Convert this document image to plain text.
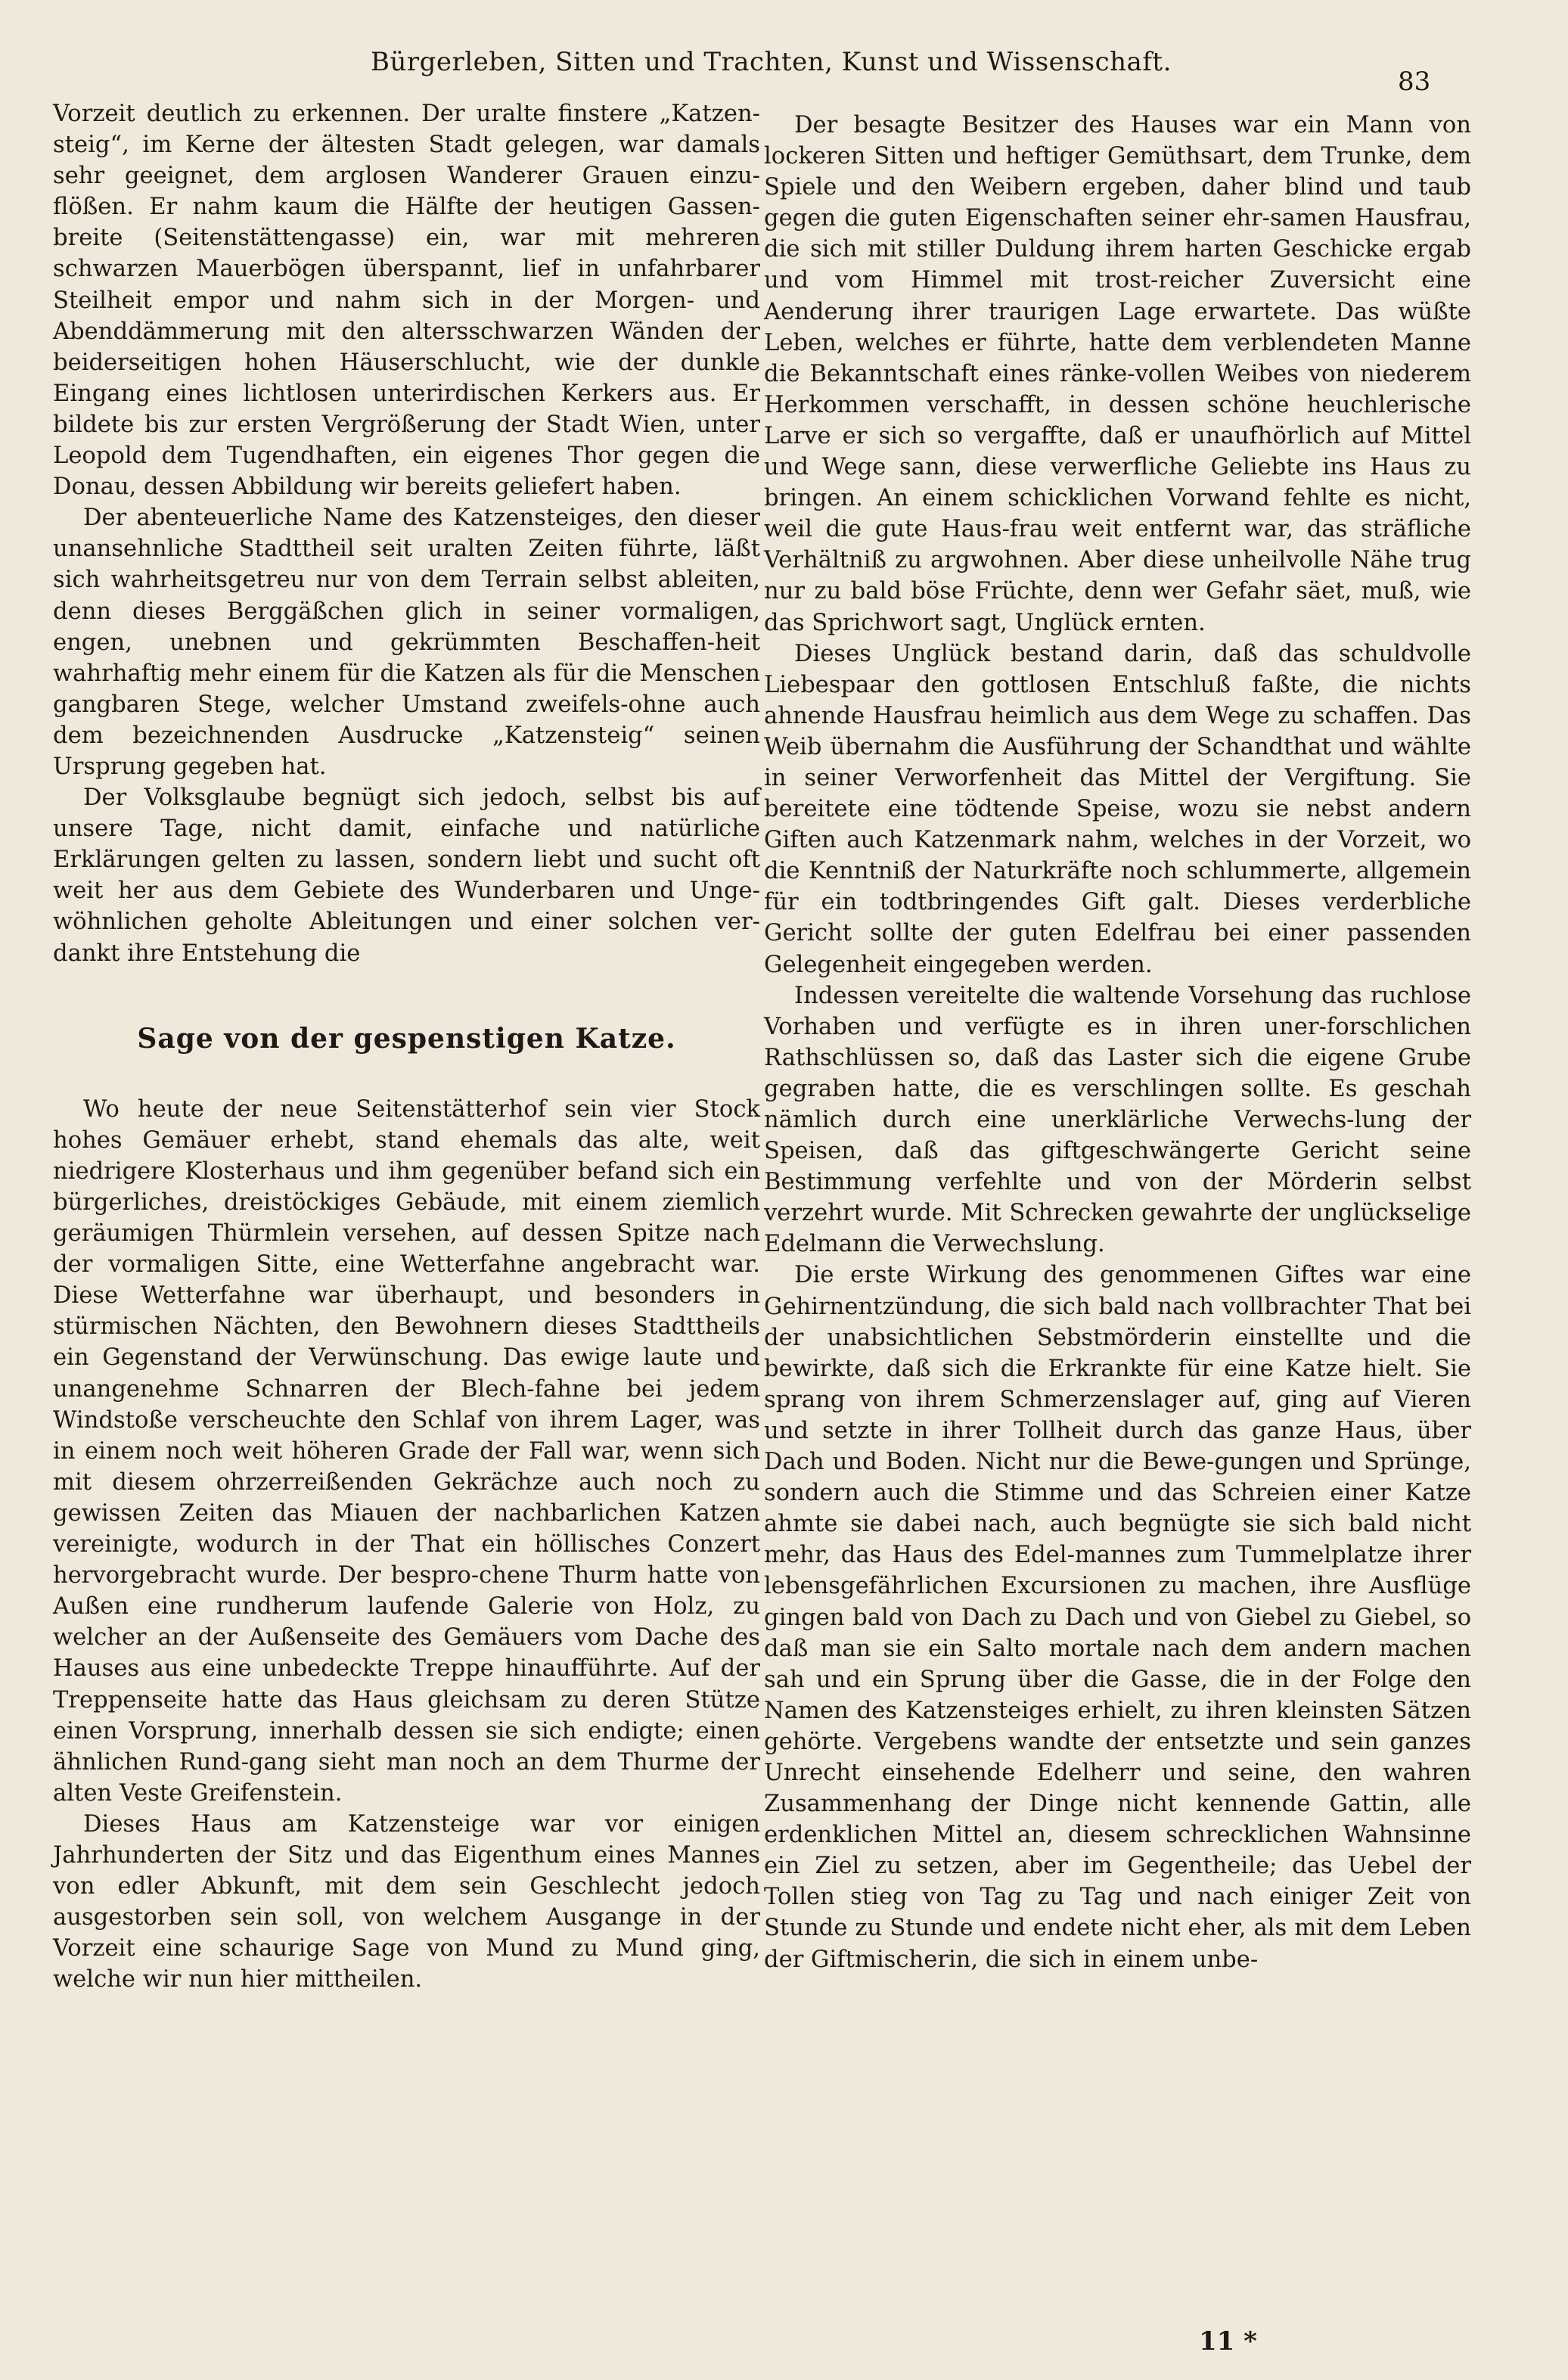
Bürgerleben, Sitten und Trachten, Kunst und Wissenschaft.
83

Vorzeit deutlich zu erkennen. Der uralte finstere „Katzen-steig“, im Kerne der ältesten Stadt gelegen, war damals sehr geeignet, dem arglosen Wanderer Grauen einzu-flößen. Er nahm kaum die Hälfte der heutigen Gassen-breite (Seitenstättengasse) ein, war mit mehreren schwarzen Mauerbögen überspannt, lief in unfahrbarer Steilheit empor und nahm sich in der Morgen- und Abenddämmerung mit den altersschwarzen Wänden der beiderseitigen hohen Häuserschlucht, wie der dunkle Eingang eines lichtlosen unterirdischen Kerkers aus. Er bildete bis zur ersten Vergrößerung der Stadt Wien, unter Leopold dem Tugendhaften, ein eigenes Thor gegen die Donau, dessen Abbildung wir bereits geliefert haben.

Der abenteuerliche Name des Katzensteiges, den dieser unansehnliche Stadttheil seit uralten Zeiten führte, läßt sich wahrheitsgetreu nur von dem Terrain selbst ableiten, denn dieses Berggäßchen glich in seiner vormaligen, engen, unebnen und gekrümmten Beschaffen-heit wahrhaftig mehr einem für die Katzen als für die Menschen gangbaren Stege, welcher Umstand zweifels-ohne auch dem bezeichnenden Ausdrucke „Katzensteig“ seinen Ursprung gegeben hat.

Der Volksglaube begnügt sich jedoch, selbst bis auf unsere Tage, nicht damit, einfache und natürliche Erklärungen gelten zu lassen, sondern liebt und sucht oft weit her aus dem Gebiete des Wunderbaren und Unge-wöhnlichen geholte Ableitungen und einer solchen ver-dankt ihre Entstehung die

Sage von der gespenstigen Katze.

Wo heute der neue Seitenstätterhof sein vier Stock hohes Gemäuer erhebt, stand ehemals das alte, weit niedrigere Klosterhaus und ihm gegenüber befand sich ein bürgerliches, dreistöckiges Gebäude, mit einem ziemlich geräumigen Thürmlein versehen, auf dessen Spitze nach der vormaligen Sitte, eine Wetterfahne angebracht war. Diese Wetterfahne war überhaupt, und besonders in stürmischen Nächten, den Bewohnern dieses Stadttheils ein Gegenstand der Verwünschung. Das ewige laute und unangenehme Schnarren der Blech-fahne bei jedem Windstoße verscheuchte den Schlaf von ihrem Lager, was in einem noch weit höheren Grade der Fall war, wenn sich mit diesem ohrzerreißenden Gekrächze auch noch zu gewissen Zeiten das Miauen der nachbarlichen Katzen vereinigte, wodurch in der That ein höllisches Conzert hervorgebracht wurde. Der bespro-chene Thurm hatte von Außen eine rundherum laufende Galerie von Holz, zu welcher an der Außenseite des Gemäuers vom Dache des Hauses aus eine unbedeckte Treppe hinaufführte. Auf der Treppenseite hatte das Haus gleichsam zu deren Stütze einen Vorsprung, innerhalb dessen sie sich endigte; einen ähnlichen Rund-gang sieht man noch an dem Thurme der alten Veste Greifenstein.

Dieses Haus am Katzensteige war vor einigen Jahrhunderten der Sitz und das Eigenthum eines Mannes von edler Abkunft, mit dem sein Geschlecht jedoch ausgestorben sein soll, von welchem Ausgange in der Vorzeit eine schaurige Sage von Mund zu Mund ging, welche wir nun hier mittheilen.

Der besagte Besitzer des Hauses war ein Mann von lockeren Sitten und heftiger Gemüthsart, dem Trunke, dem Spiele und den Weibern ergeben, daher blind und taub gegen die guten Eigenschaften seiner ehr-samen Hausfrau, die sich mit stiller Duldung ihrem harten Geschicke ergab und vom Himmel mit trost-reicher Zuversicht eine Aenderung ihrer traurigen Lage erwartete. Das wüßte Leben, welches er führte, hatte dem verblendeten Manne die Bekanntschaft eines ränke-vollen Weibes von niederem Herkommen verschafft, in dessen schöne heuchlerische Larve er sich so vergaffte, daß er unaufhörlich auf Mittel und Wege sann, diese verwerfliche Geliebte ins Haus zu bringen. An einem schicklichen Vorwand fehlte es nicht, weil die gute Haus-frau weit entfernt war, das sträfliche Verhältniß zu argwohnen. Aber diese unheilvolle Nähe trug nur zu bald böse Früchte, denn wer Gefahr säet, muß, wie das Sprichwort sagt, Unglück ernten.

Dieses Unglück bestand darin, daß das schuldvolle Liebespaar den gottlosen Entschluß faßte, die nichts ahnende Hausfrau heimlich aus dem Wege zu schaffen. Das Weib übernahm die Ausführung der Schandthat und wählte in seiner Verworfenheit das Mittel der Vergiftung. Sie bereitete eine tödtende Speise, wozu sie nebst andern Giften auch Katzenmark nahm, welches in der Vorzeit, wo die Kenntniß der Naturkräfte noch schlummerte, allgemein für ein todtbringendes Gift galt. Dieses verderbliche Gericht sollte der guten Edelfrau bei einer passenden Gelegenheit eingegeben werden.

Indessen vereitelte die waltende Vorsehung das ruchlose Vorhaben und verfügte es in ihren uner-forschlichen Rathschlüssen so, daß das Laster sich die eigene Grube gegraben hatte, die es verschlingen sollte. Es geschah nämlich durch eine unerklärliche Verwechs-lung der Speisen, daß das giftgeschwängerte Gericht seine Bestimmung verfehlte und von der Mörderin selbst verzehrt wurde. Mit Schrecken gewahrte der unglückselige Edelmann die Verwechslung.

Die erste Wirkung des genommenen Giftes war eine Gehirnentzündung, die sich bald nach vollbrachter That bei der unabsichtlichen Sebstmörderin einstellte und die bewirkte, daß sich die Erkrankte für eine Katze hielt. Sie sprang von ihrem Schmerzenslager auf, ging auf Vieren und setzte in ihrer Tollheit durch das ganze Haus, über Dach und Boden. Nicht nur die Bewe-gungen und Sprünge, sondern auch die Stimme und das Schreien einer Katze ahmte sie dabei nach, auch begnügte sie sich bald nicht mehr, das Haus des Edel-mannes zum Tummelplatze ihrer lebensgefährlichen Excursionen zu machen, ihre Ausflüge gingen bald von Dach zu Dach und von Giebel zu Giebel, so daß man sie ein Salto mortale nach dem andern machen sah und ein Sprung über die Gasse, die in der Folge den Namen des Katzensteiges erhielt, zu ihren kleinsten Sätzen gehörte. Vergebens wandte der entsetzte und sein ganzes Unrecht einsehende Edelherr und seine, den wahren Zusammenhang der Dinge nicht kennende Gattin, alle erdenklichen Mittel an, diesem schrecklichen Wahnsinne ein Ziel zu setzen, aber im Gegentheile; das Uebel der Tollen stieg von Tag zu Tag und nach einiger Zeit von Stunde zu Stunde und endete nicht eher, als mit dem Leben der Giftmischerin, die sich in einem unbe-

11 *
